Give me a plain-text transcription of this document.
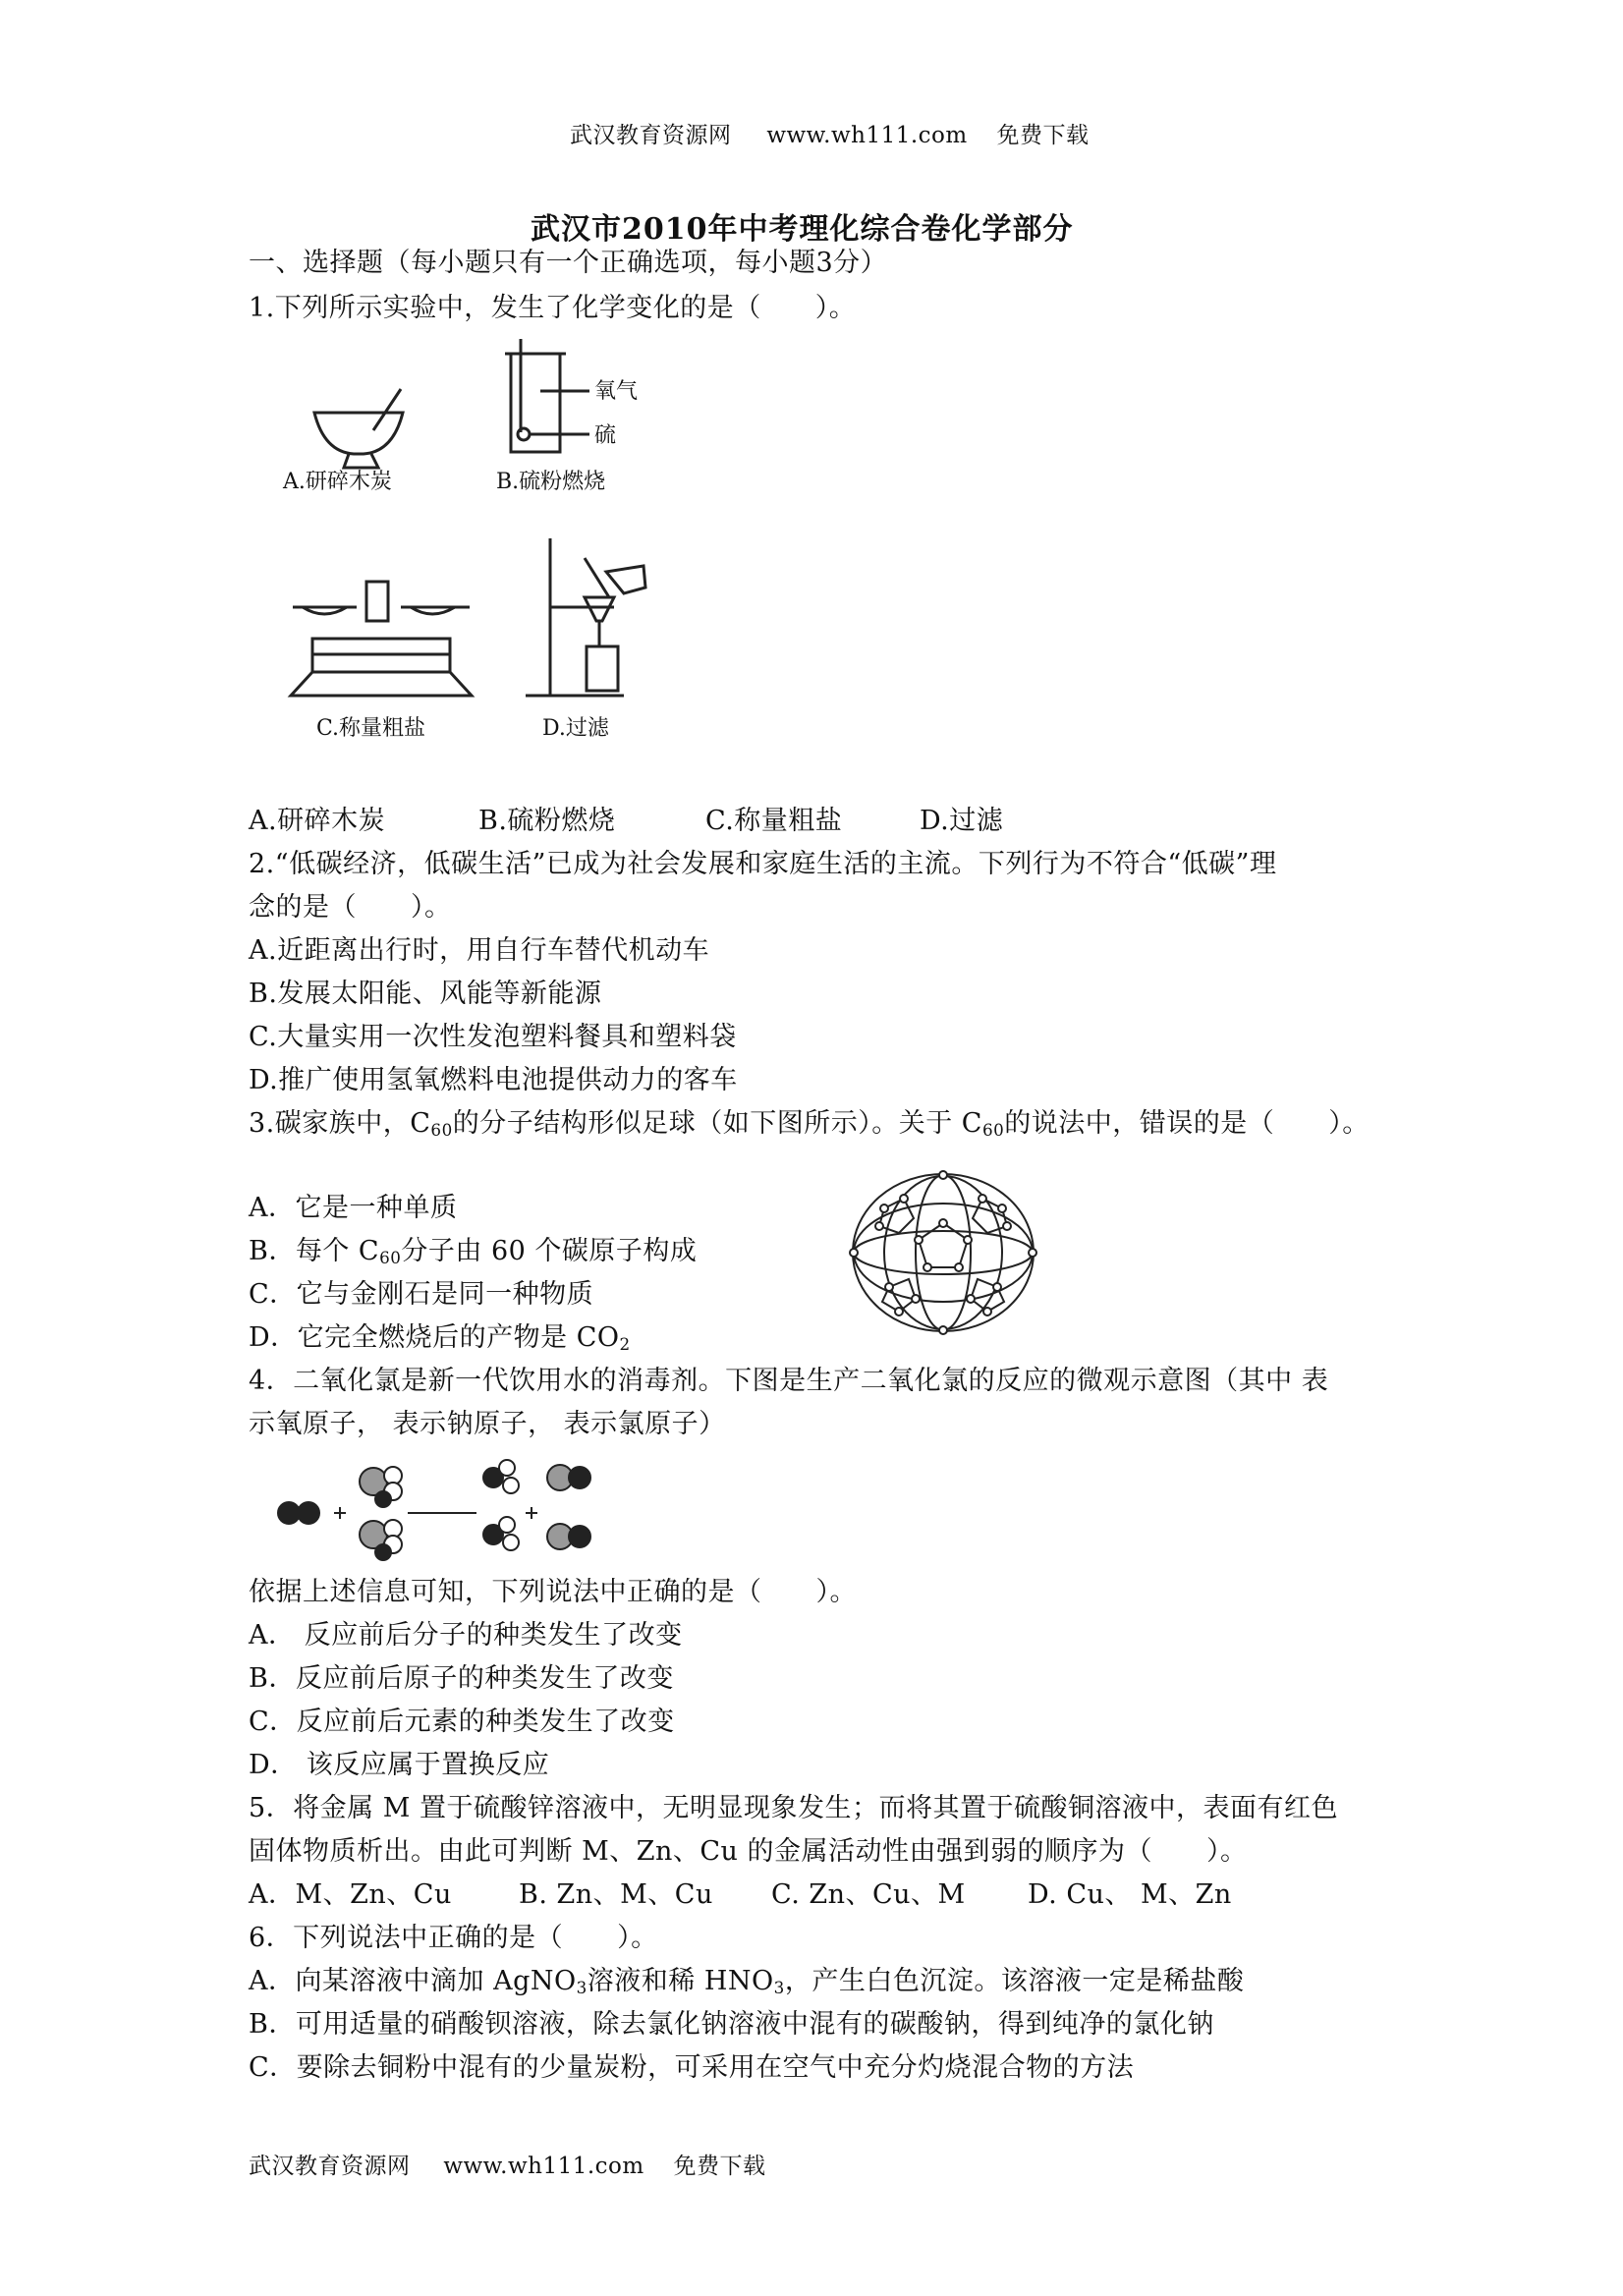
武汉教育资源网 www.wh111.com 免费下载
武汉市2010年中考理化综合卷化学部分
一、选择题（每小题只有一个正确选项，每小题3分）
1.下列所示实验中，发生了化学变化的是（　　）。
A.研碎木炭
氧气
硫
B.硫粉燃烧
C.称量粗盐	D.过滤
A.研碎木炭	B.硫粉燃烧	C.称量粗盐	D.过滤
2.“低碳经济，低碳生活”已成为社会发展和家庭生活的主流。下列行为不符合“低碳”理
念的是（　　）。
A.近距离出行时，用自行车替代机动车
B.发展太阳能、风能等新能源
C.大量实用一次性发泡塑料餐具和塑料袋
D.推广使用氢氧燃料电池提供动力的客车
3.碳家族中，$C_{60}$的分子结构形似足球（如下图所示）。关于 $C_{60}$的说法中，错误的是（　　）。
A．它是一种单质
B．每个 $C_{60}$分子由 60 个碳原子构成
C．它与金刚石是同一种物质
D．它完全燃烧后的产物是 $CO_2$
4．二氧化氯是新一代饮用水的消毒剂。下图是生产二氧化氯的反应的微观示意图（其中 表
示氧原子， 表示钠原子， 表示氯原子）
依据上述信息可知，下列说法中正确的是（　　）。
A． 反应前后分子的种类发生了改变
B．反应前后原子的种类发生了改变
C．反应前后元素的种类发生了改变
D． 该反应属于置换反应
5．将金属 M 置于硫酸锌溶液中，无明显现象发生；而将其置于硫酸铜溶液中，表面有红色
固体物质析出。由此可判断 M、Zn、Cu 的金属活动性由强到弱的顺序为（　　）。
A．M、Zn、Cu	B. Zn、M、Cu C. Zn、Cu、M D. Cu、 M、Zn
6．下列说法中正确的是（　　）。
A．向某溶液中滴加 AgNO$_3$溶液和稀 $HNO_3$，产生白色沉淀。该溶液一定是稀盐酸
B．可用适量的硝酸钡溶液，除去氯化钠溶液中混有的碳酸钠，得到纯净的氯化钠
C．要除去铜粉中混有的少量炭粉，可采用在空气中充分灼烧混合物的方法
武汉教育资源网 www.wh111.com 免费下载
